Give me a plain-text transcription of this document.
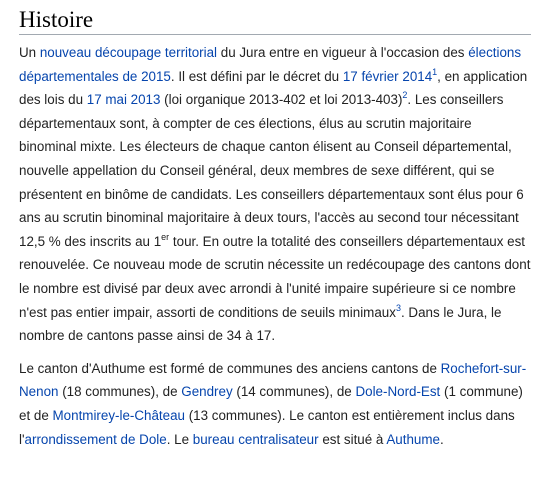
Histoire

Un nouveau découpage territorial du Jura entre en vigueur à l'occasion des élections départementales de 2015. Il est défini par le décret du 17 février 2014$^1$, en application des lois du 17 mai 2013 (loi organique 2013-402 et loi 2013-403)$^2$. Les conseillers départementaux sont, à compter de ces élections, élus au scrutin majoritaire binominal mixte. Les électeurs de chaque canton élisent au Conseil départemental, nouvelle appellation du Conseil général, deux membres de sexe différent, qui se présentent en binôme de candidats. Les conseillers départementaux sont élus pour 6 ans au scrutin binominal majoritaire à deux tours, l'accès au second tour nécessitant 12,5 % des inscrits au 1er tour. En outre la totalité des conseillers départementaux est renouvelée. Ce nouveau mode de scrutin nécessite un redécoupage des cantons dont le nombre est divisé par deux avec arrondi à l'unité impaire supérieure si ce nombre n'est pas entier impair, assorti de conditions de seuils minimaux$^3$. Dans le Jura, le nombre de cantons passe ainsi de 34 à 17.

Le canton d'Authume est formé de communes des anciens cantons de Rochefort-sur-Nenon (18 communes), de Gendrey (14 communes), de Dole-Nord-Est (1 commune) et de Montmirey-le-Château (13 communes). Le canton est entièrement inclus dans l'arrondissement de Dole. Le bureau centralisateur est situé à Authume.
